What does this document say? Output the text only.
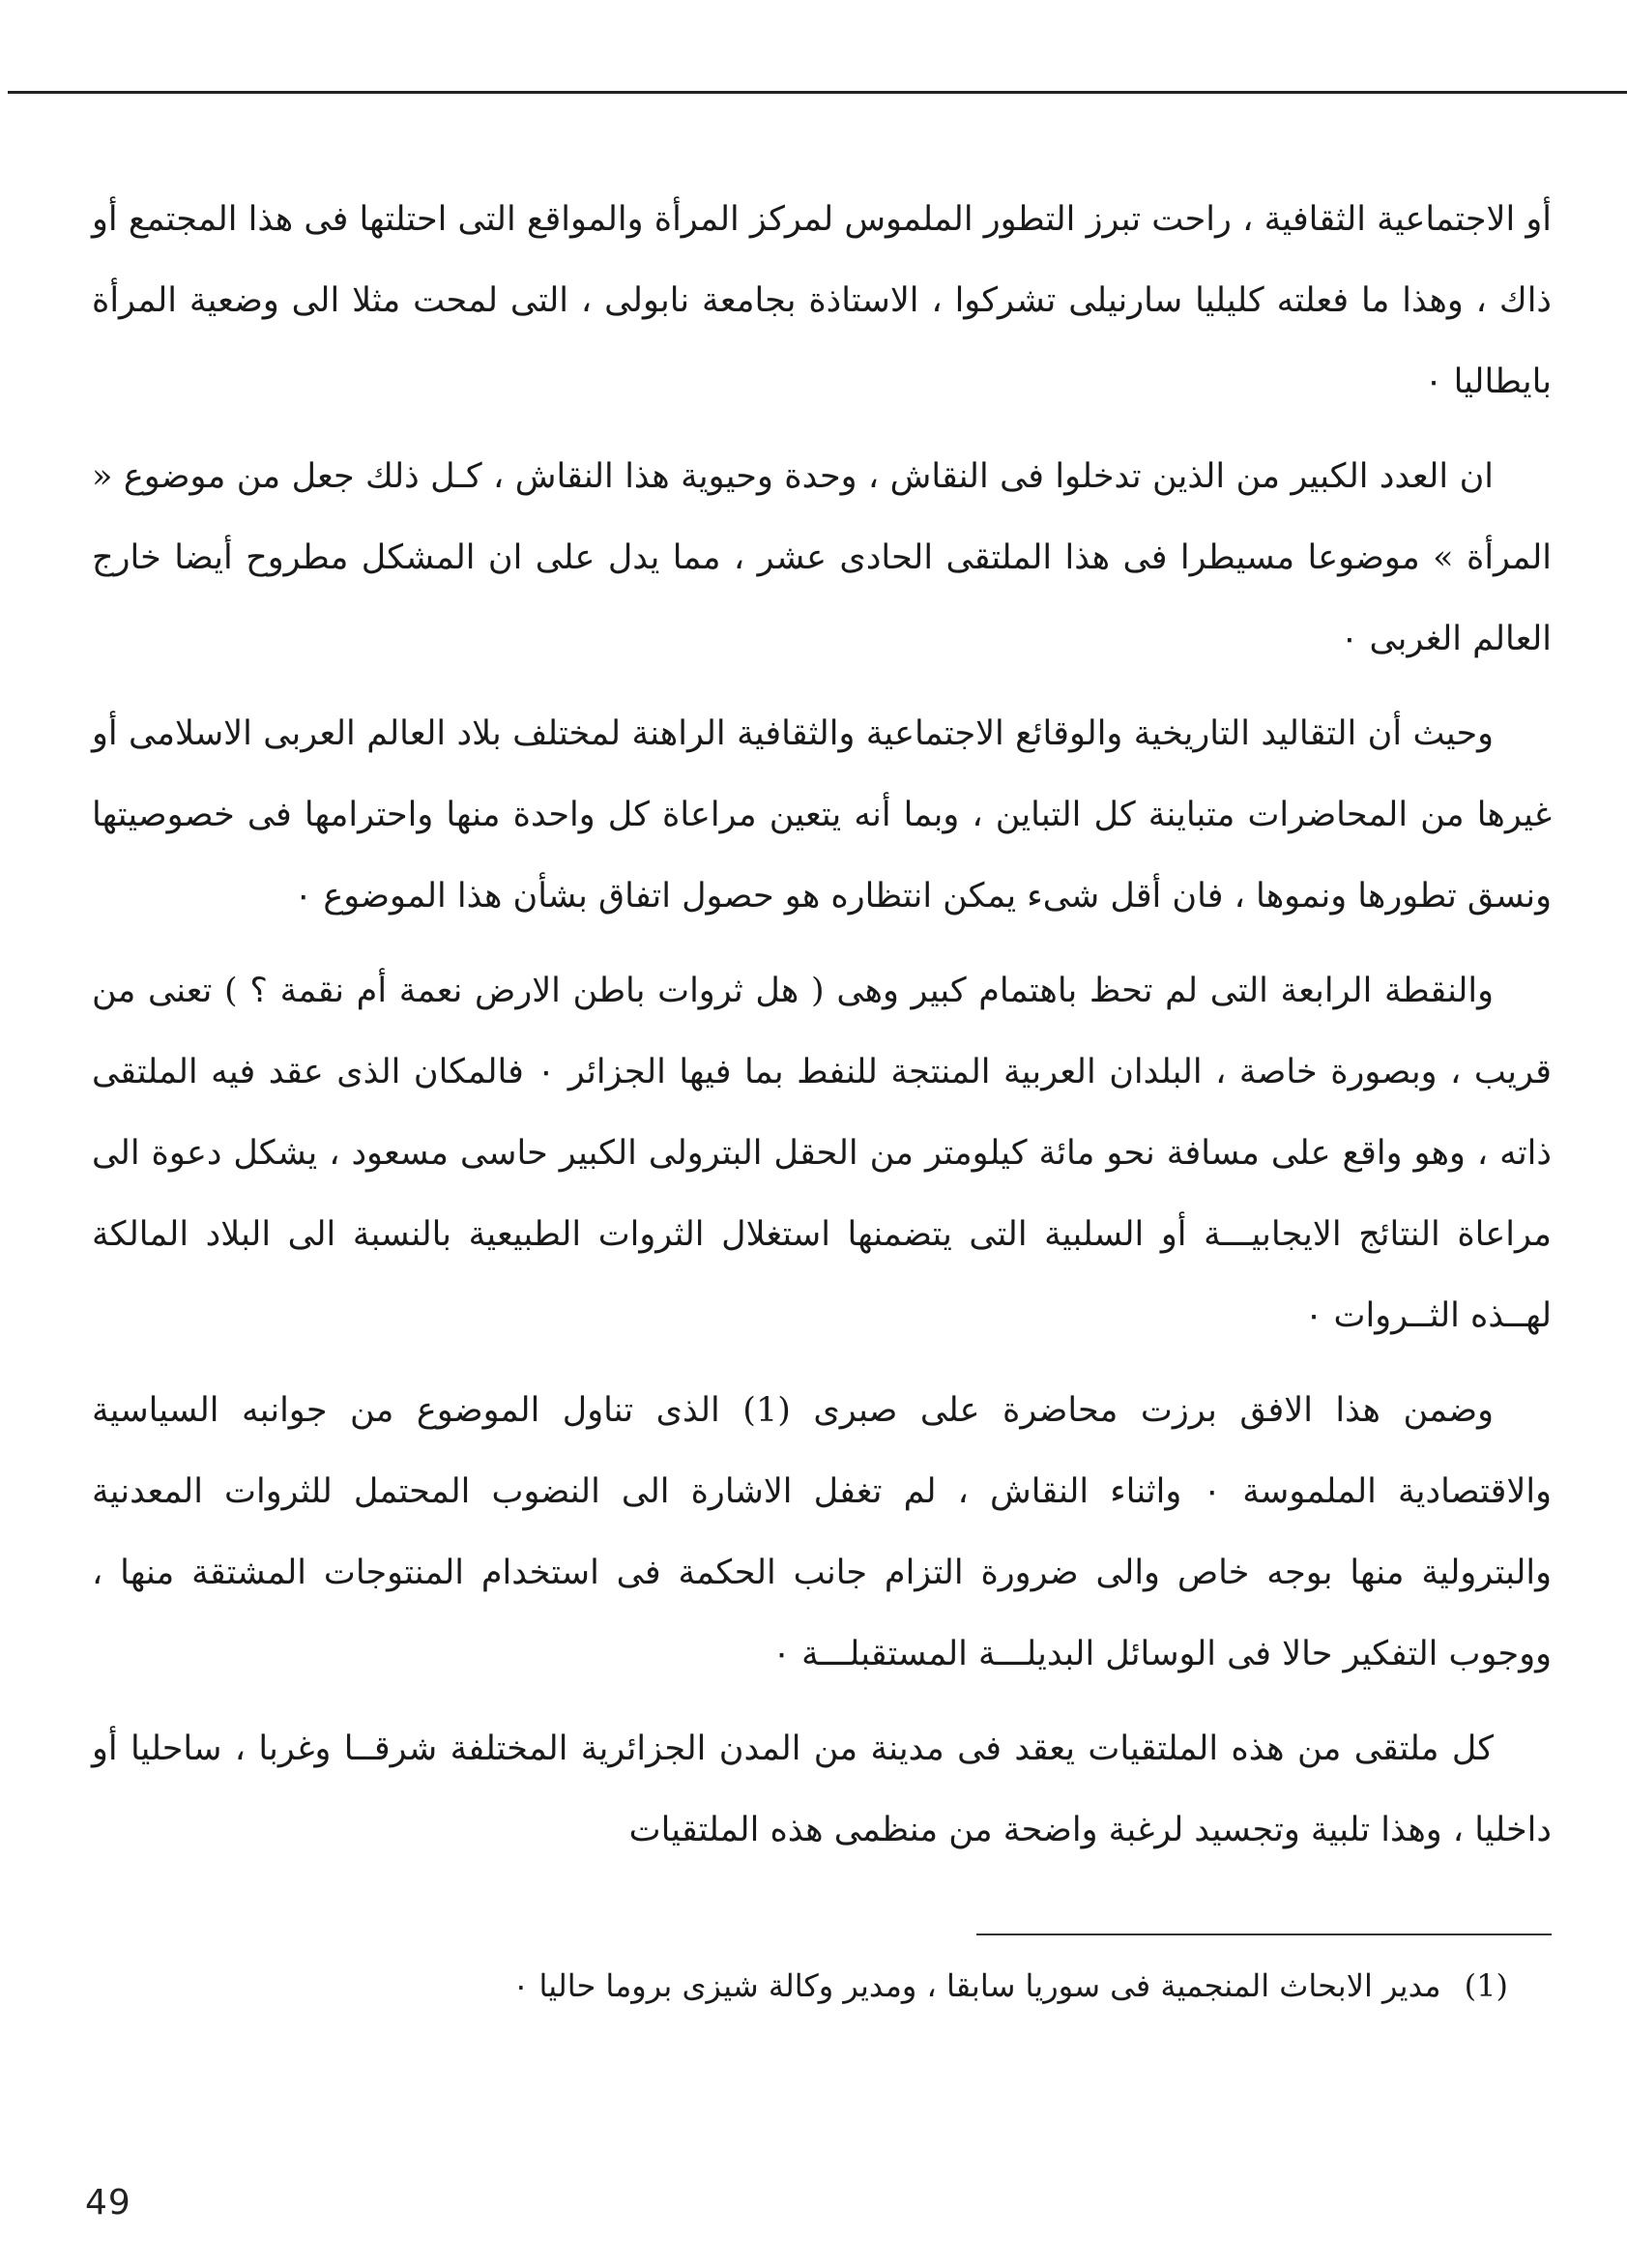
أو الاجتماعية الثقافية ، راحت تبرز التطور الملموس لمركز المرأة والمواقع التى احتلتها فى هذا المجتمع أو ذاك ، وهذا ما فعلته كليليا سارنيلى تشركوا ، الاستاذة بجامعة نابولى ، التى لمحت مثلا الى وضعية المرأة بايطاليا ٠

ان العدد الكبير من الذين تدخلوا فى النقاش ، وحدة وحيوية هذا النقاش ، كـل ذلك جعل من موضوع « المرأة » موضوعا مسيطرا فى هذا الملتقى الحادى عشر ، مما يدل على ان المشكل مطروح أيضا خارج العالم الغربى ٠

وحيث أن التقاليد التاريخية والوقائع الاجتماعية والثقافية الراهنة لمختلف بلاد العالم العربى الاسلامى أو غيرها من المحاضرات متباينة كل التباين ، وبما أنه يتعين مراعاة كل واحدة منها واحترامها فى خصوصيتها ونسق تطورها ونموها ، فان أقل شىء يمكن انتظاره هو حصول اتفاق بشأن هذا الموضوع ٠

والنقطة الرابعة التى لم تحظ باهتمام كبير وهى ( هل ثروات باطن الارض نعمة أم نقمة ؟ ) تعنى من قريب ، وبصورة خاصة ، البلدان العربية المنتجة للنفط بما فيها الجزائر ٠ فالمكان الذى عقد فيه الملتقى ذاته ، وهو واقع على مسافة نحو مائة كيلومتر من الحقل البترولى الكبير حاسى مسعود ، يشكل دعوة الى مراعاة النتائج الايجابيـــة أو السلبية التى يتضمنها استغلال الثروات الطبيعية بالنسبة الى البلاد المالكة لهــذه الثــروات ٠

وضمن هذا الافق برزت محاضرة على صبرى (1) الذى تناول الموضوع من جوانبه السياسية والاقتصادية الملموسة ٠ واثناء النقاش ، لم تغفل الاشارة الى النضوب المحتمل للثروات المعدنية والبترولية منها بوجه خاص والى ضرورة التزام جانب الحكمة فى استخدام المنتوجات المشتقة منها ، ووجوب التفكير حالا فى الوسائل البديلـــة المستقبلـــة ٠

كل ملتقى من هذه الملتقيات يعقد فى مدينة من المدن الجزائرية المختلفة شرقــا وغربا ، ساحليا أو داخليا ، وهذا تلبية وتجسيد لرغبة واضحة من منظمى هذه الملتقيات

(1) مدير الابحاث المنجمية فى سوريا سابقا ، ومدير وكالة شيزى بروما حاليا ٠
49
